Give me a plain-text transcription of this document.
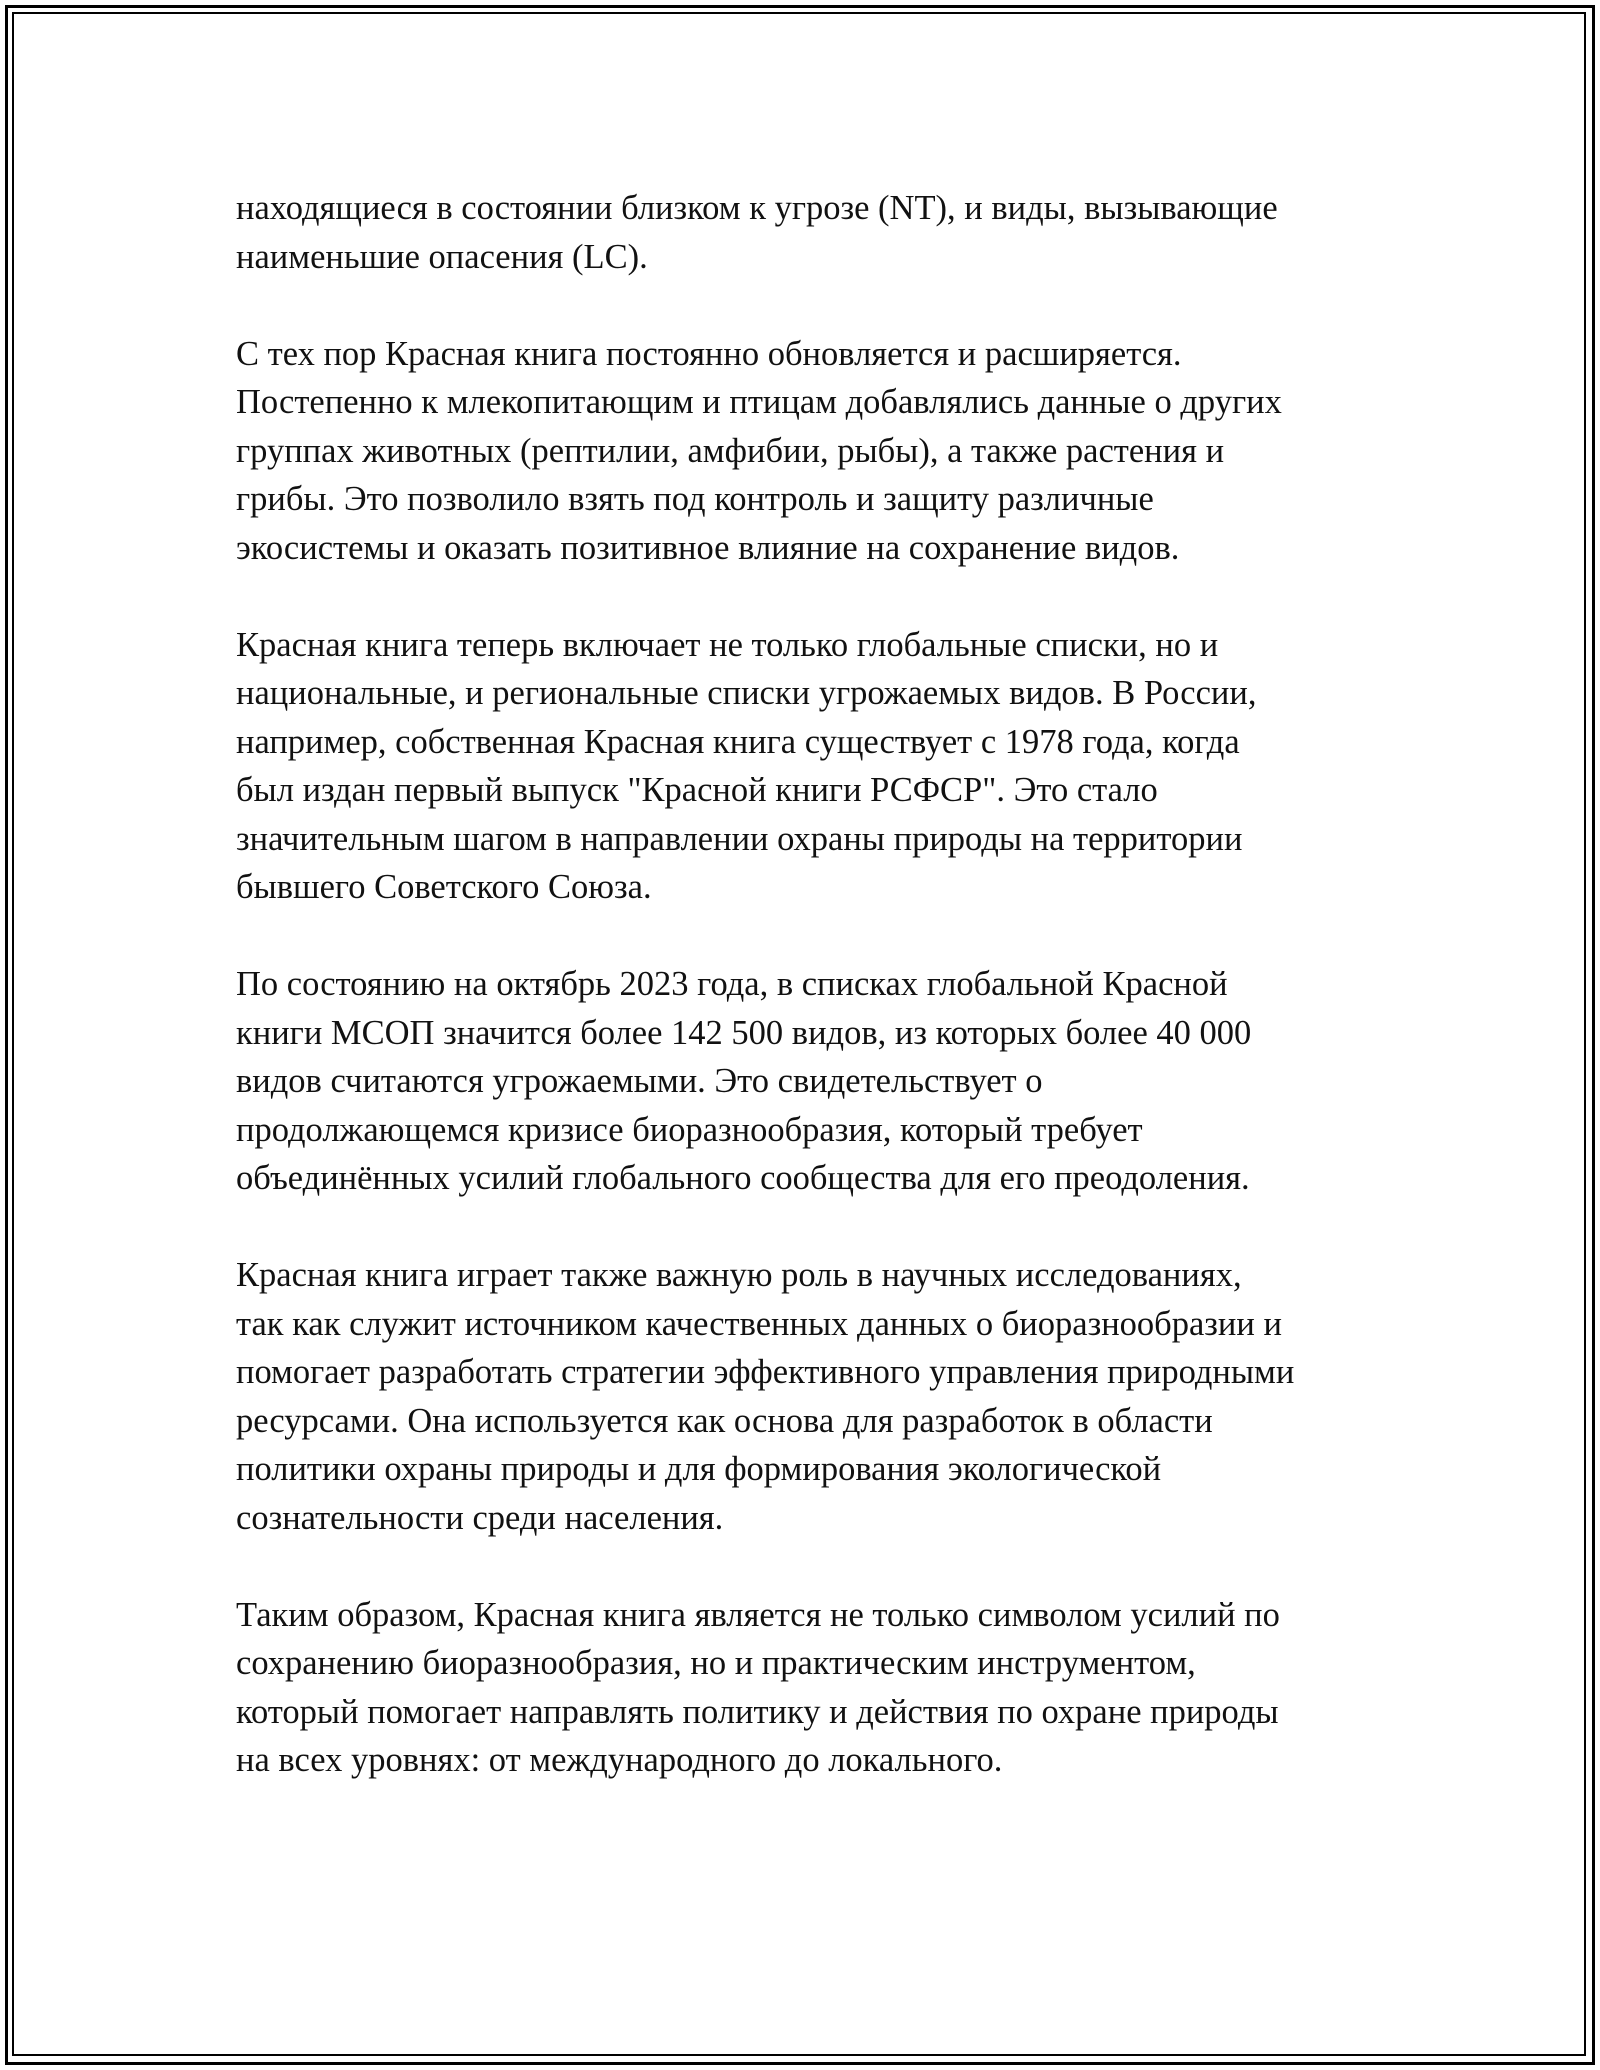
находящиеся в состоянии близком к угрозе (NT), и виды, вызывающие
наименьшие опасения (LC).

С тех пор Красная книга постоянно обновляется и расширяется.
Постепенно к млекопитающим и птицам добавлялись данные о других
группах животных (рептилии, амфибии, рыбы), а также растения и
грибы. Это позволило взять под контроль и защиту различные
экосистемы и оказать позитивное влияние на сохранение видов.

Красная книга теперь включает не только глобальные списки, но и
национальные, и региональные списки угрожаемых видов. В России,
например, собственная Красная книга существует с 1978 года, когда
был издан первый выпуск "Красной книги РСФСР". Это стало
значительным шагом в направлении охраны природы на территории
бывшего Советского Союза.

По состоянию на октябрь 2023 года, в списках глобальной Красной
книги МСОП значится более 142 500 видов, из которых более 40 000
видов считаются угрожаемыми. Это свидетельствует о
продолжающемся кризисе биоразнообразия, который требует
объединённых усилий глобального сообщества для его преодоления.

Красная книга играет также важную роль в научных исследованиях,
так как служит источником качественных данных о биоразнообразии и
помогает разработать стратегии эффективного управления природными
ресурсами. Она используется как основа для разработок в области
политики охраны природы и для формирования экологической
сознательности среди населения.

Таким образом, Красная книга является не только символом усилий по
сохранению биоразнообразия, но и практическим инструментом,
который помогает направлять политику и действия по охране природы
на всех уровнях: от международного до локального.
